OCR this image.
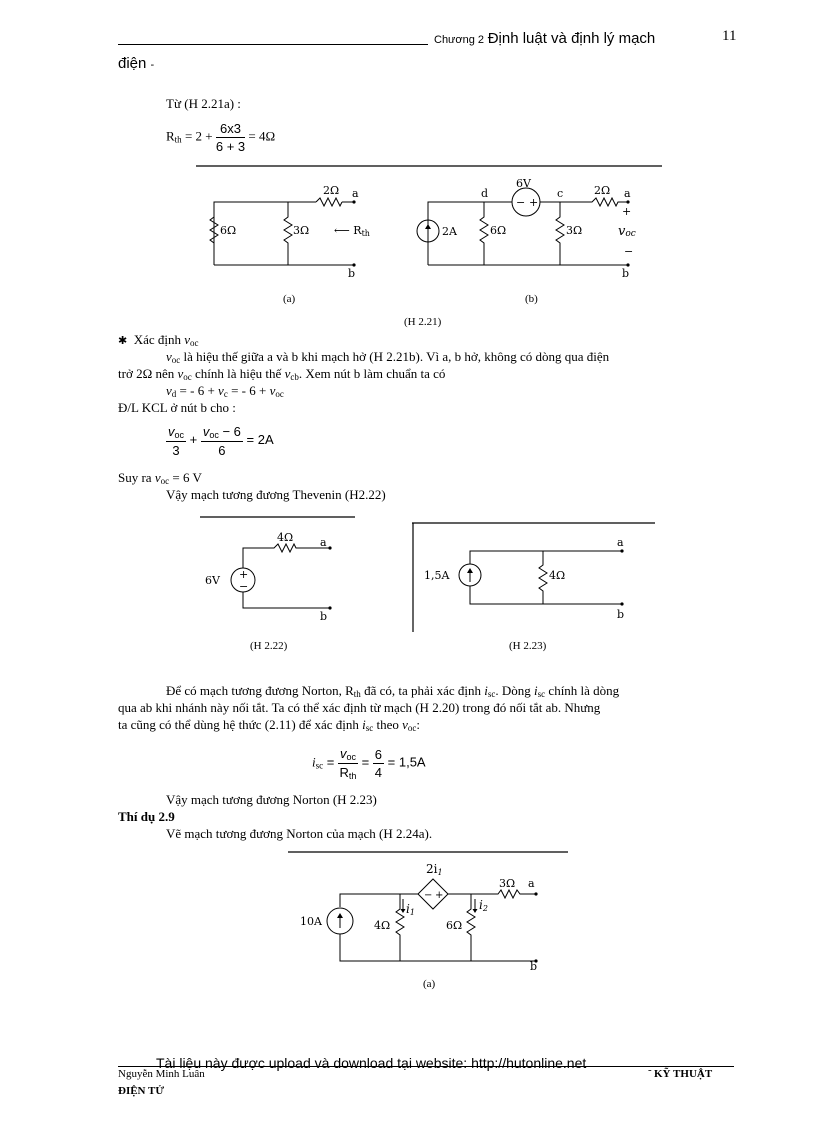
Chương 2 Định luật và định lý mạch	11
điện -
Từ (H 2.21a) :
$R_{th} = 2 + \frac{6x3}{6 + 3} = 4\Omega$
2Ω a
6Ω	3Ω ⟵ Rth
b
6V
− +
d	c	2Ω a
+
2A	6Ω	3Ω	voc
−
b
(a)	(b)
(H 2.21)
✱ Xác định $v_{oc}$
$v_{oc}$ là hiệu thế giữa a và b khi mạch hở (H 2.21b). Vì a, b hở, không có dòng qua điện
trở 2Ω nên $v_{oc}$ chính là hiệu thế $v_{cb}$. Xem nút b làm chuẩn ta có
$v_d$ = - $6 + v_c$ = - $6 + v_{oc}$
Đ/L KCL ở nút b cho :
$\frac{v_{oc}}{3} + \frac{v_{oc} - 6}{6} = 2A$
Suy ra $v_{oc} = 6$ V
Vậy mạch tương đương Thevenin (H2.22)
4Ω a
6V +
−
b
(H 2.22)
1,5A	4Ω
a
b
(H 2.23)
Để có mạch tương đương Norton, $R_{th}$ đã có, ta phải xác định $i_{sc}$. Dòng $i_{sc}$ chính là dòng
qua ab khi nhánh này nối tắt. Ta có thể xác định từ mạch (H 2.20) trong đó nối tắt ab. Nhưng
ta cũng có thể dùng hệ thức (2.11) để xác định $i_{sc}$ theo $v_{oc}$:
$i_{sc} = \frac{v_{oc}}{R_{th}} = \frac{6}{4} = 1,5A$
Vậy mạch tương đương Norton (H 2.23)
Thí dụ 2.9
Vẽ mạch tương đương Norton của mạch (H 2.24a).
2i1
− +
3Ω a
i1
i2
10A	4Ω	6Ω
b
(a)
Tài liệu này được upload và download tại website: http://hutonline.net
Nguyễn Minh Luân	- KỸ THUẬT
ĐIỆN TỬ
